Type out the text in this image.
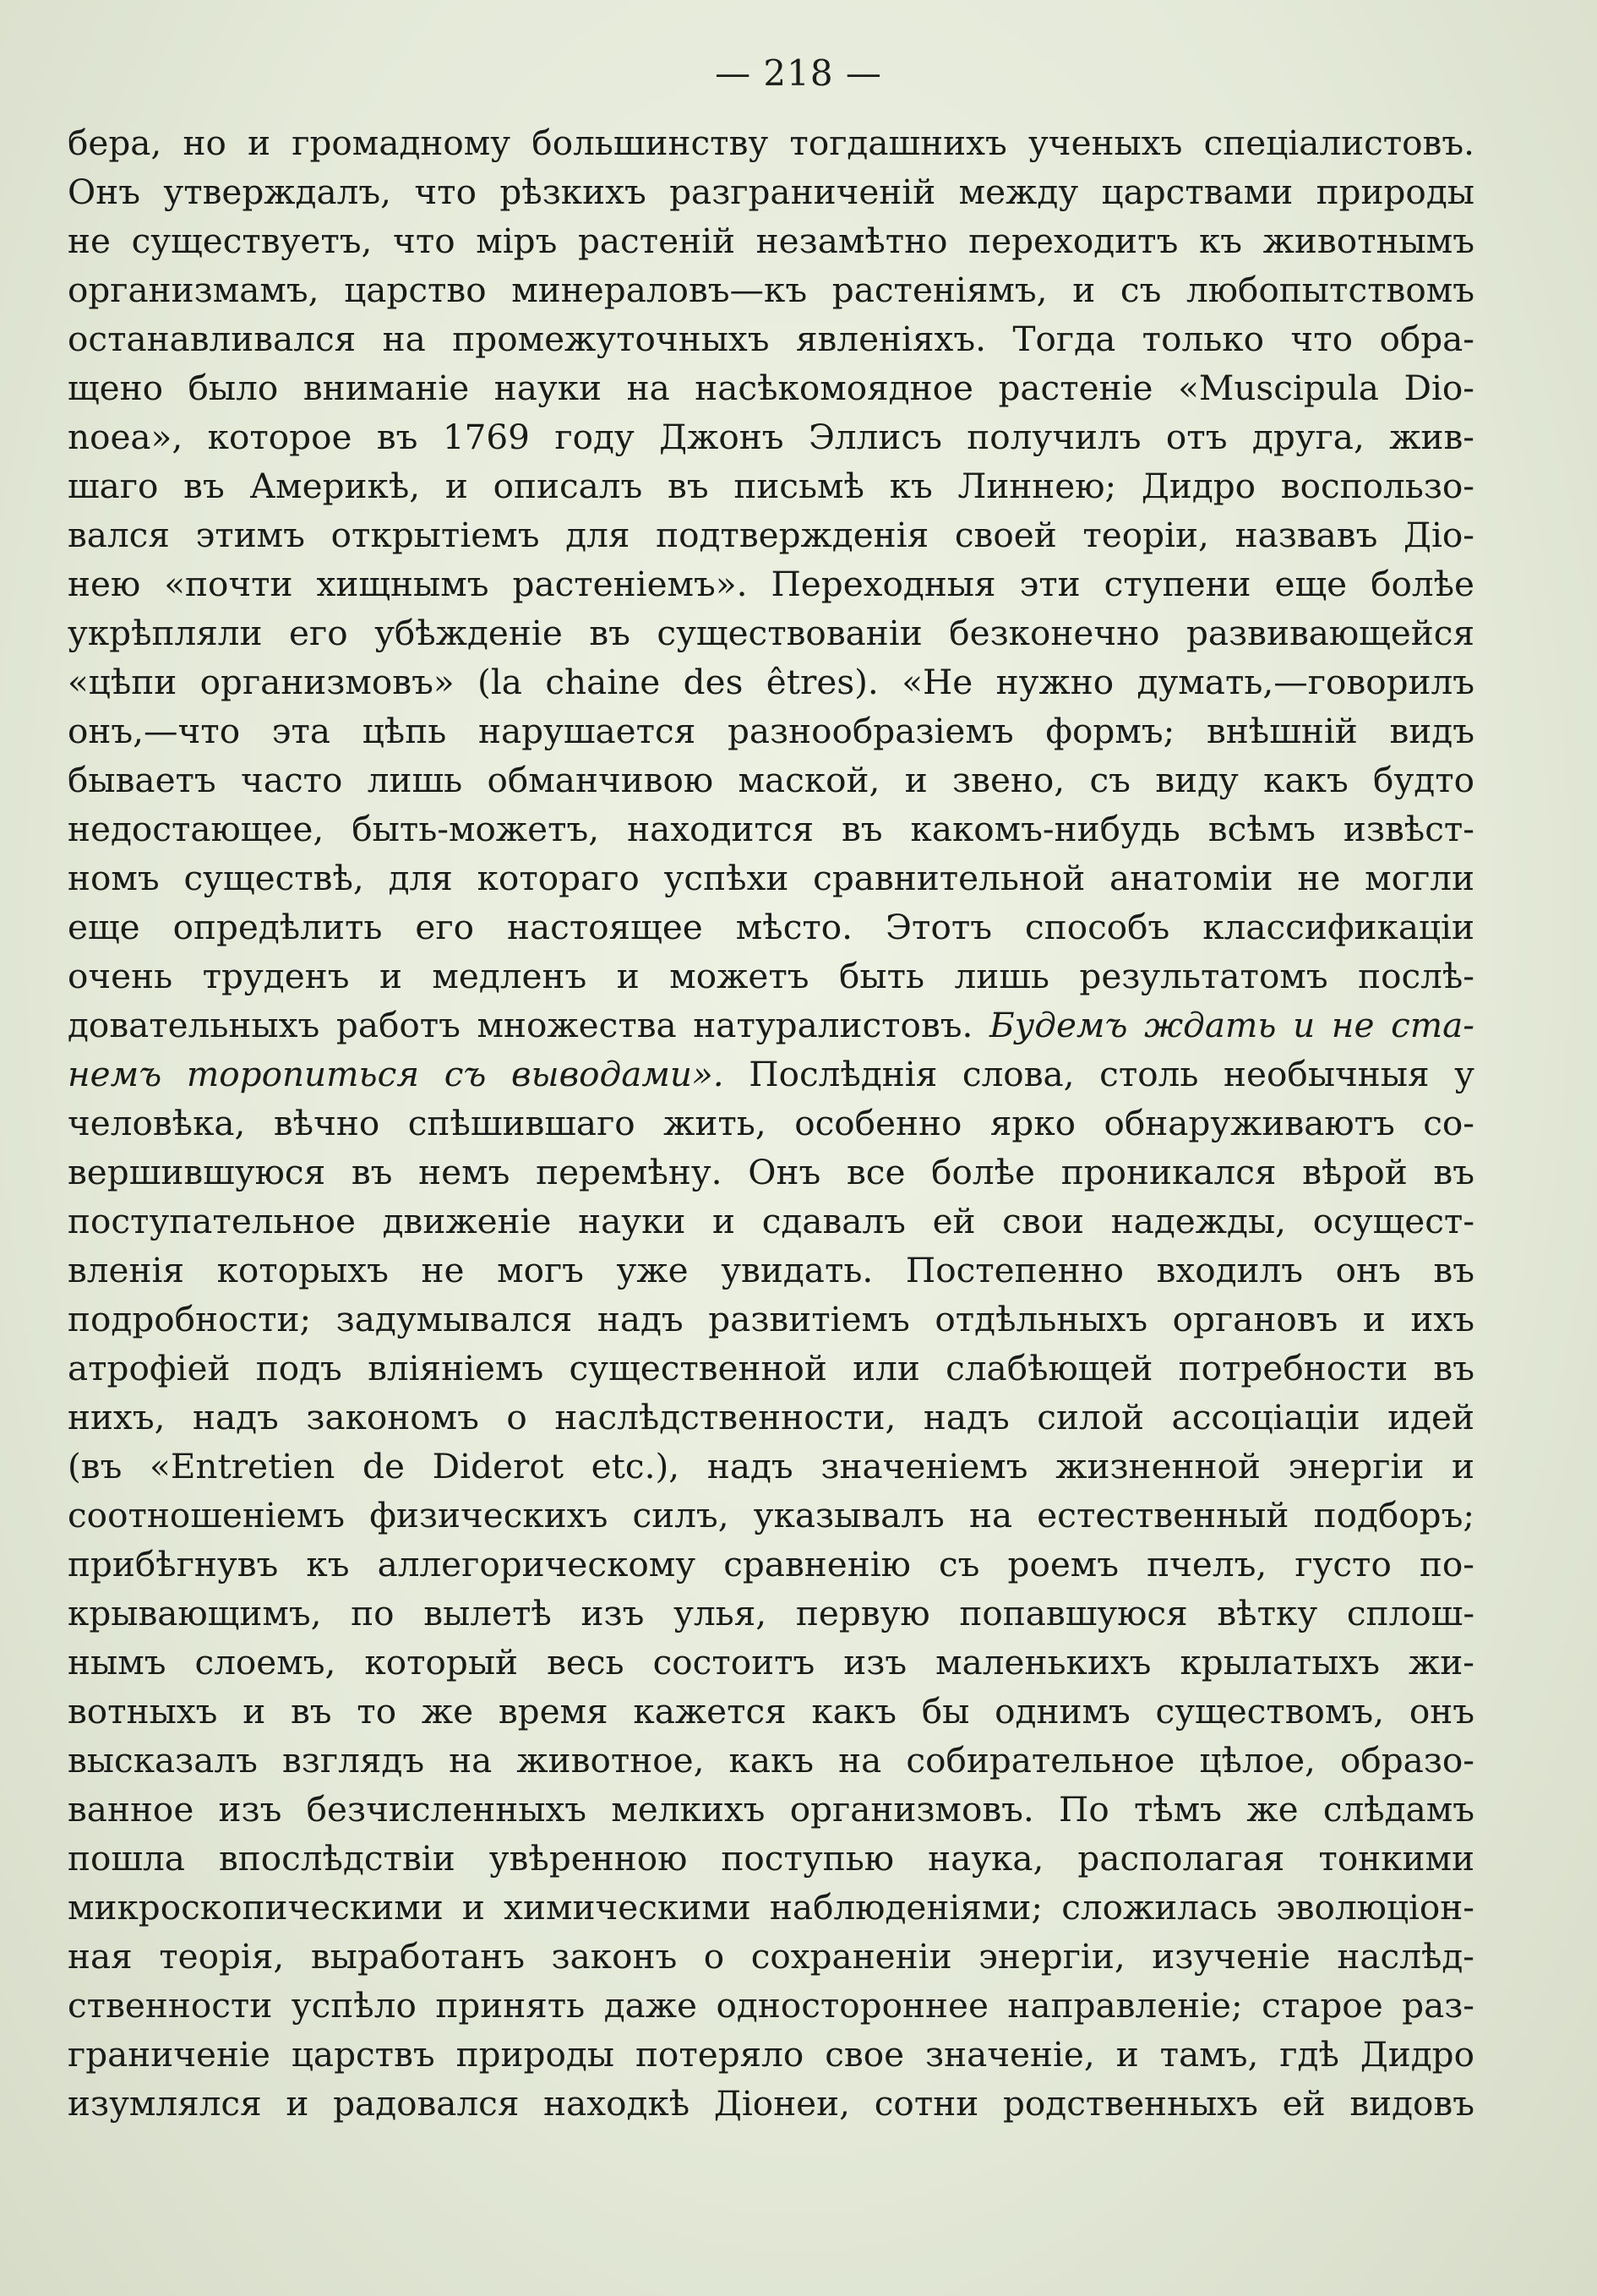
— 218 —
бера, но и громадному большинству тогдашнихъ ученыхъ спеціалистовъ.
Онъ утверждалъ, что рѣзкихъ разграниченій между царствами природы
не существуетъ, что міръ растеній незамѣтно переходитъ къ животнымъ
организмамъ, царство минераловъ—къ растеніямъ, и съ любопытствомъ
останавливался на промежуточныхъ явленіяхъ. Тогда только что обра-
щено было вниманіе науки на насѣкомоядное растеніе «Muscipula Dio-
noea», которое въ 1769 году Джонъ Эллисъ получилъ отъ друга, жив-
шаго въ Америкѣ, и описалъ въ письмѣ къ Линнею; Дидро воспользо-
вался этимъ открытіемъ для подтвержденія своей теоріи, назвавъ Діо-
нею «почти хищнымъ растеніемъ». Переходныя эти ступени еще болѣе
укрѣпляли его убѣжденіе въ существованіи безконечно развивающейся
«цѣпи организмовъ» (la chaine des êtres). «Не нужно думать,—говорилъ
онъ,—что эта цѣпь нарушается разнообразіемъ формъ; внѣшній видъ
бываетъ часто лишь обманчивою маской, и звено, съ виду какъ будто
недостающее, быть-можетъ, находится въ какомъ-нибудь всѣмъ извѣст-
номъ существѣ, для котораго успѣхи сравнительной анатоміи не могли
еще опредѣлить его настоящее мѣсто. Этотъ способъ классификаціи
очень труденъ и медленъ и можетъ быть лишь результатомъ послѣ-
довательныхъ работъ множества натуралистовъ. Будемъ ждать и не ста-
немъ торопиться съ выводами». Послѣднія слова, столь необычныя у
человѣка, вѣчно спѣшившаго жить, особенно ярко обнаруживаютъ со-
вершившуюся въ немъ перемѣну. Онъ все болѣе проникался вѣрой въ
поступательное движеніе науки и сдавалъ ей свои надежды, осущест-
вленія которыхъ не могъ уже увидать. Постепенно входилъ онъ въ
подробности; задумывался надъ развитіемъ отдѣльныхъ органовъ и ихъ
атрофіей подъ вліяніемъ существенной или слабѣющей потребности въ
нихъ, надъ закономъ о наслѣдственности, надъ силой ассоціаціи идей
(въ «Entretien de Diderot etc.), надъ значеніемъ жизненной энергіи и
соотношеніемъ физическихъ силъ, указывалъ на естественный подборъ;
прибѣгнувъ къ аллегорическому сравненію съ роемъ пчелъ, густо по-
крывающимъ, по вылетѣ изъ улья, первую попавшуюся вѣтку сплош-
нымъ слоемъ, который весь состоитъ изъ маленькихъ крылатыхъ жи-
вотныхъ и въ то же время кажется какъ бы однимъ существомъ, онъ
высказалъ взглядъ на животное, какъ на собирательное цѣлое, образо-
ванное изъ безчисленныхъ мелкихъ организмовъ. По тѣмъ же слѣдамъ
пошла впослѣдствіи увѣренною поступью наука, располагая тонкими
микроскопическими и химическими наблюденіями; сложилась эволюціон-
ная теорія, выработанъ законъ о сохраненіи энергіи, изученіе наслѣд-
ственности успѣло принять даже одностороннее направленіе; старое раз-
граниченіе царствъ природы потеряло свое значеніе, и тамъ, гдѣ Дидро
изумлялся и радовался находкѣ Діонеи, сотни родственныхъ ей видовъ
